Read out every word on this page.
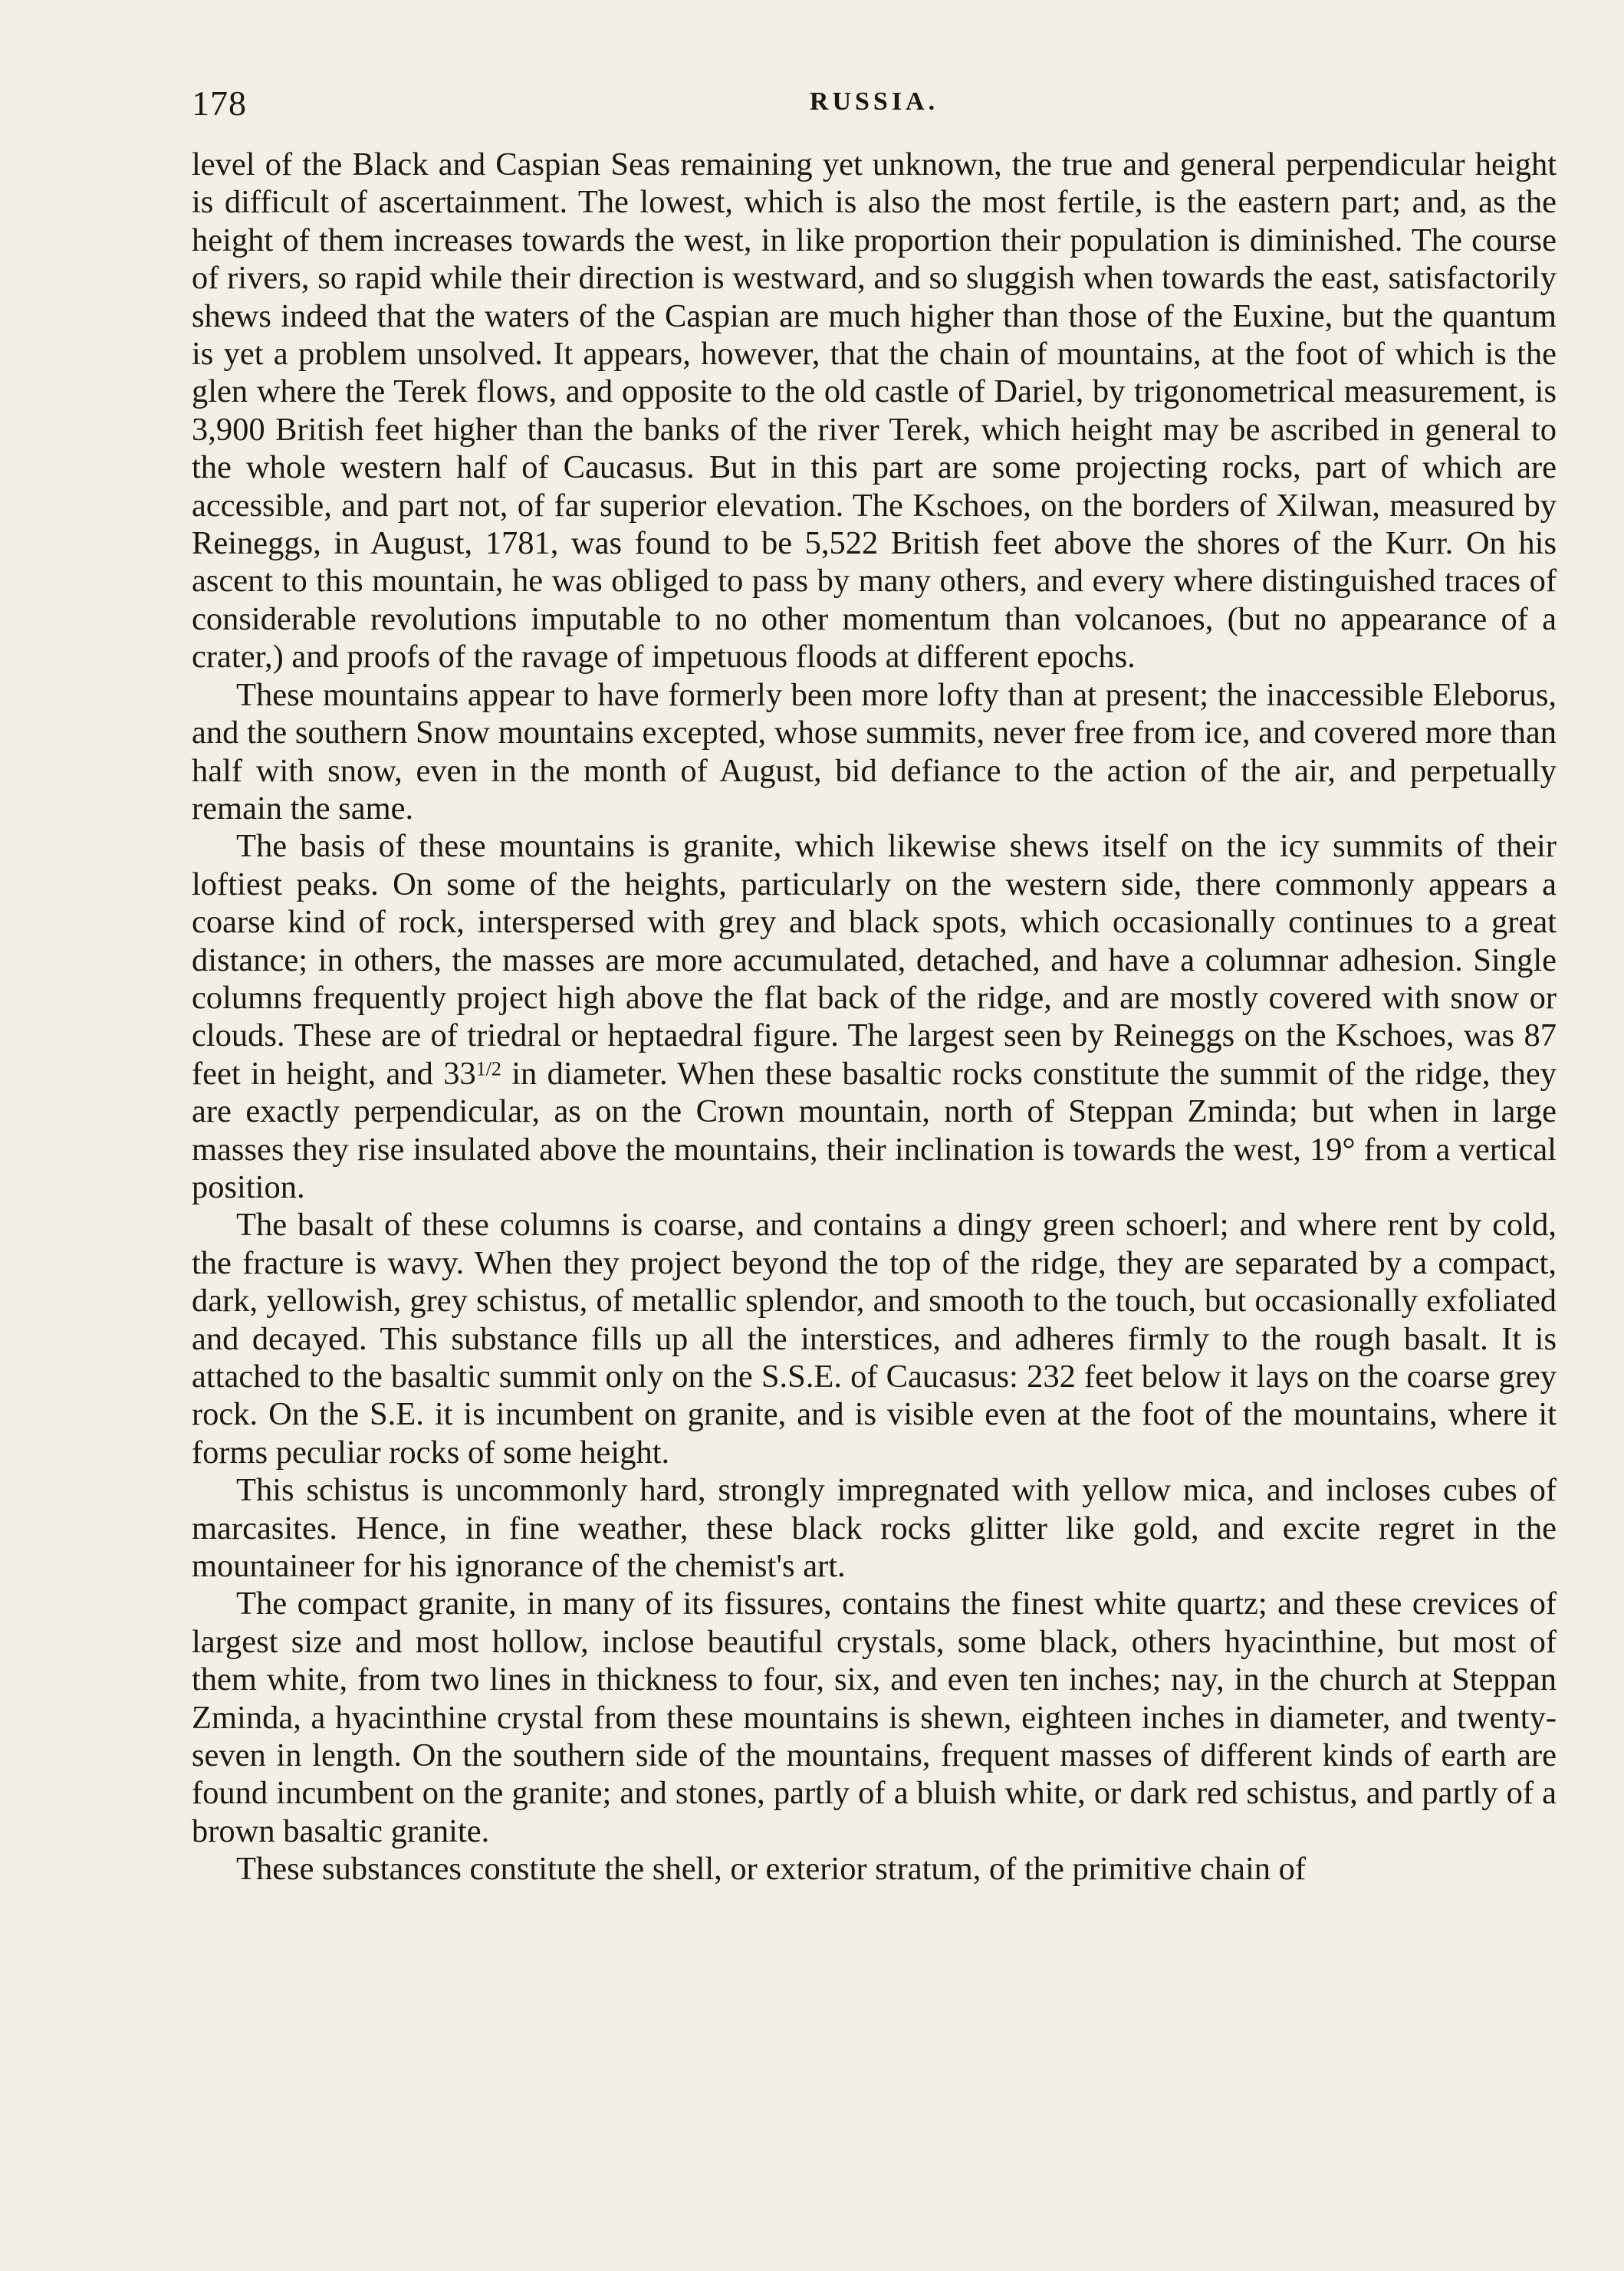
178	RUSSIA.

level of the Black and Caspian Seas remaining yet unknown, the true and general perpendicular height is difficult of ascertainment. The lowest, which is also the most fertile, is the eastern part; and, as the height of them increases towards the west, in like proportion their population is diminished. The course of rivers, so rapid while their direction is westward, and so sluggish when towards the east, satisfactorily shews indeed that the waters of the Caspian are much higher than those of the Euxine, but the quantum is yet a problem unsolved. It appears, however, that the chain of mountains, at the foot of which is the glen where the Terek flows, and opposite to the old castle of Dariel, by trigonometrical measurement, is 3,900 British feet higher than the banks of the river Terek, which height may be ascribed in general to the whole western half of Caucasus. But in this part are some projecting rocks, part of which are accessible, and part not, of far superior elevation. The Kschoes, on the borders of Xilwan, measured by Reineggs, in August, 1781, was found to be 5,522 British feet above the shores of the Kurr. On his ascent to this mountain, he was obliged to pass by many others, and every where distinguished traces of considerable revolutions imputable to no other momentum than volcanoes, (but no appearance of a crater,) and proofs of the ravage of impetuous floods at different epochs.

These mountains appear to have formerly been more lofty than at present; the inaccessible Eleborus, and the southern Snow mountains excepted, whose summits, never free from ice, and covered more than half with snow, even in the month of August, bid defiance to the action of the air, and perpetually remain the same.

The basis of these mountains is granite, which likewise shews itself on the icy summits of their loftiest peaks. On some of the heights, particularly on the western side, there commonly appears a coarse kind of rock, interspersed with grey and black spots, which occasionally continues to a great distance; in others, the masses are more accumulated, detached, and have a columnar adhesion. Single columns frequently project high above the flat back of the ridge, and are mostly covered with snow or clouds. These are of triedral or heptaedral figure. The largest seen by Reineggs on the Kschoes, was 87 feet in height, and $33^{1/2}$ in diameter. When these basaltic rocks constitute the summit of the ridge, they are exactly perpendicular, as on the Crown mountain, north of Steppan Zminda; but when in large masses they rise insulated above the mountains, their inclination is towards the west, 19° from a vertical position.

The basalt of these columns is coarse, and contains a dingy green schoerl; and where rent by cold, the fracture is wavy. When they project beyond the top of the ridge, they are separated by a compact, dark, yellowish, grey schistus, of metallic splendor, and smooth to the touch, but occasionally exfoliated and decayed. This substance fills up all the interstices, and adheres firmly to the rough basalt. It is attached to the basaltic summit only on the S.S.E. of Caucasus: 232 feet below it lays on the coarse grey rock. On the S.E. it is incumbent on granite, and is visible even at the foot of the mountains, where it forms peculiar rocks of some height.

This schistus is uncommonly hard, strongly impregnated with yellow mica, and incloses cubes of marcasites. Hence, in fine weather, these black rocks glitter like gold, and excite regret in the mountaineer for his ignorance of the chemist's art.

The compact granite, in many of its fissures, contains the finest white quartz; and these crevices of largest size and most hollow, inclose beautiful crystals, some black, others hyacinthine, but most of them white, from two lines in thickness to four, six, and even ten inches; nay, in the church at Steppan Zminda, a hyacinthine crystal from these mountains is shewn, eighteen inches in diameter, and twenty-seven in length. On the southern side of the mountains, frequent masses of different kinds of earth are found incumbent on the granite; and stones, partly of a bluish white, or dark red schistus, and partly of a brown basaltic granite.

These substances constitute the shell, or exterior stratum, of the primitive chain of
